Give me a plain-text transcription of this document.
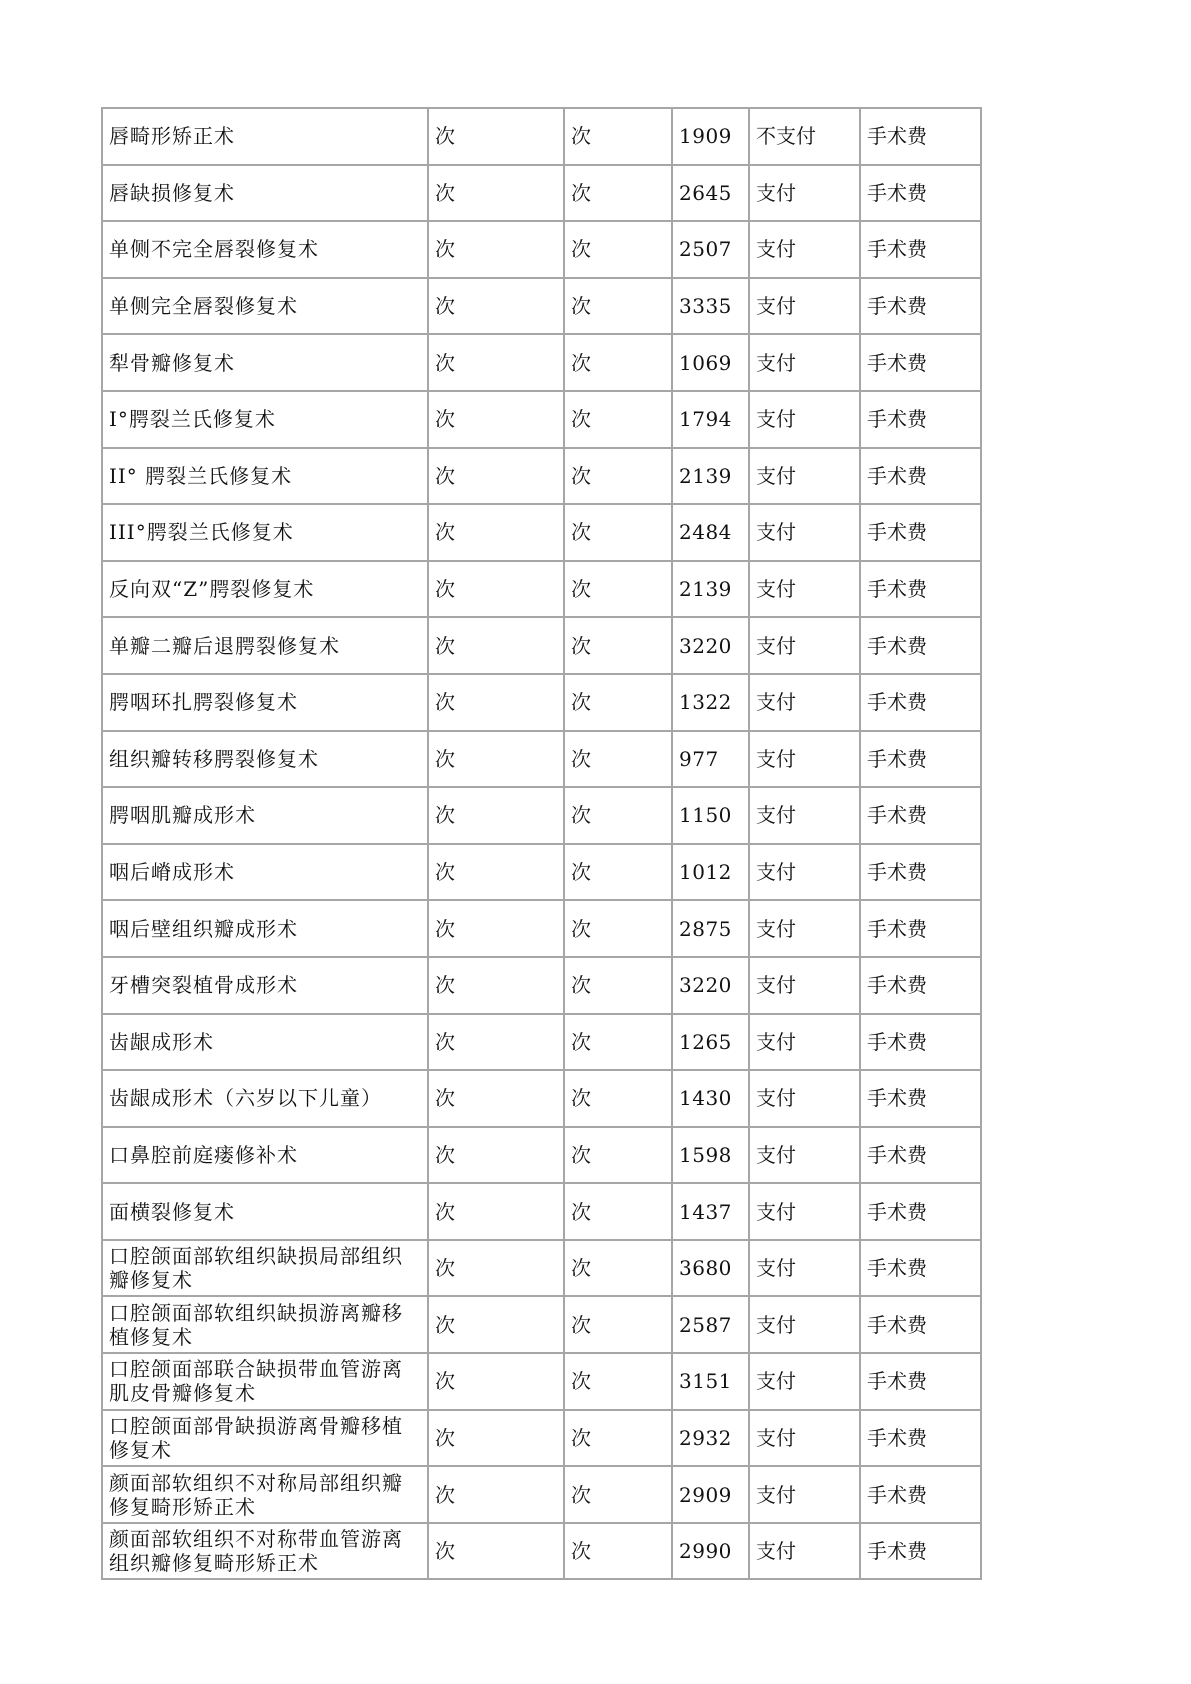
唇畸形矫正术	次	次	1909	不支付	手术费
唇缺损修复术	次	次	2645	支付	手术费
单侧不完全唇裂修复术	次	次	2507	支付	手术费
单侧完全唇裂修复术	次	次	3335	支付	手术费
犁骨瓣修复术	次	次	1069	支付	手术费
Ⅰ°腭裂兰氏修复术	次	次	1794	支付	手术费
II° 腭裂兰氏修复术	次	次	2139	支付	手术费
III°腭裂兰氏修复术	次	次	2484	支付	手术费
反向双“Z”腭裂修复术	次	次	2139	支付	手术费
单瓣二瓣后退腭裂修复术	次	次	3220	支付	手术费
腭咽环扎腭裂修复术	次	次	1322	支付	手术费
组织瓣转移腭裂修复术	次	次	977	支付	手术费
腭咽肌瓣成形术	次	次	1150	支付	手术费
咽后嵴成形术	次	次	1012	支付	手术费
咽后壁组织瓣成形术	次	次	2875	支付	手术费
牙槽突裂植骨成形术	次	次	3220	支付	手术费
齿龈成形术	次	次	1265	支付	手术费
齿龈成形术（六岁以下儿童）	次	次	1430	支付	手术费
口鼻腔前庭瘘修补术	次	次	1598	支付	手术费
面横裂修复术	次	次	1437	支付	手术费
口腔颌面部软组织缺损局部组织瓣修复术	次	次	3680	支付	手术费
口腔颌面部软组织缺损游离瓣移植修复术	次	次	2587	支付	手术费
口腔颌面部联合缺损带血管游离肌皮骨瓣修复术	次	次	3151	支付	手术费
口腔颌面部骨缺损游离骨瓣移植修复术	次	次	2932	支付	手术费
颜面部软组织不对称局部组织瓣修复畸形矫正术	次	次	2909	支付	手术费
颜面部软组织不对称带血管游离组织瓣修复畸形矫正术	次	次	2990	支付	手术费
